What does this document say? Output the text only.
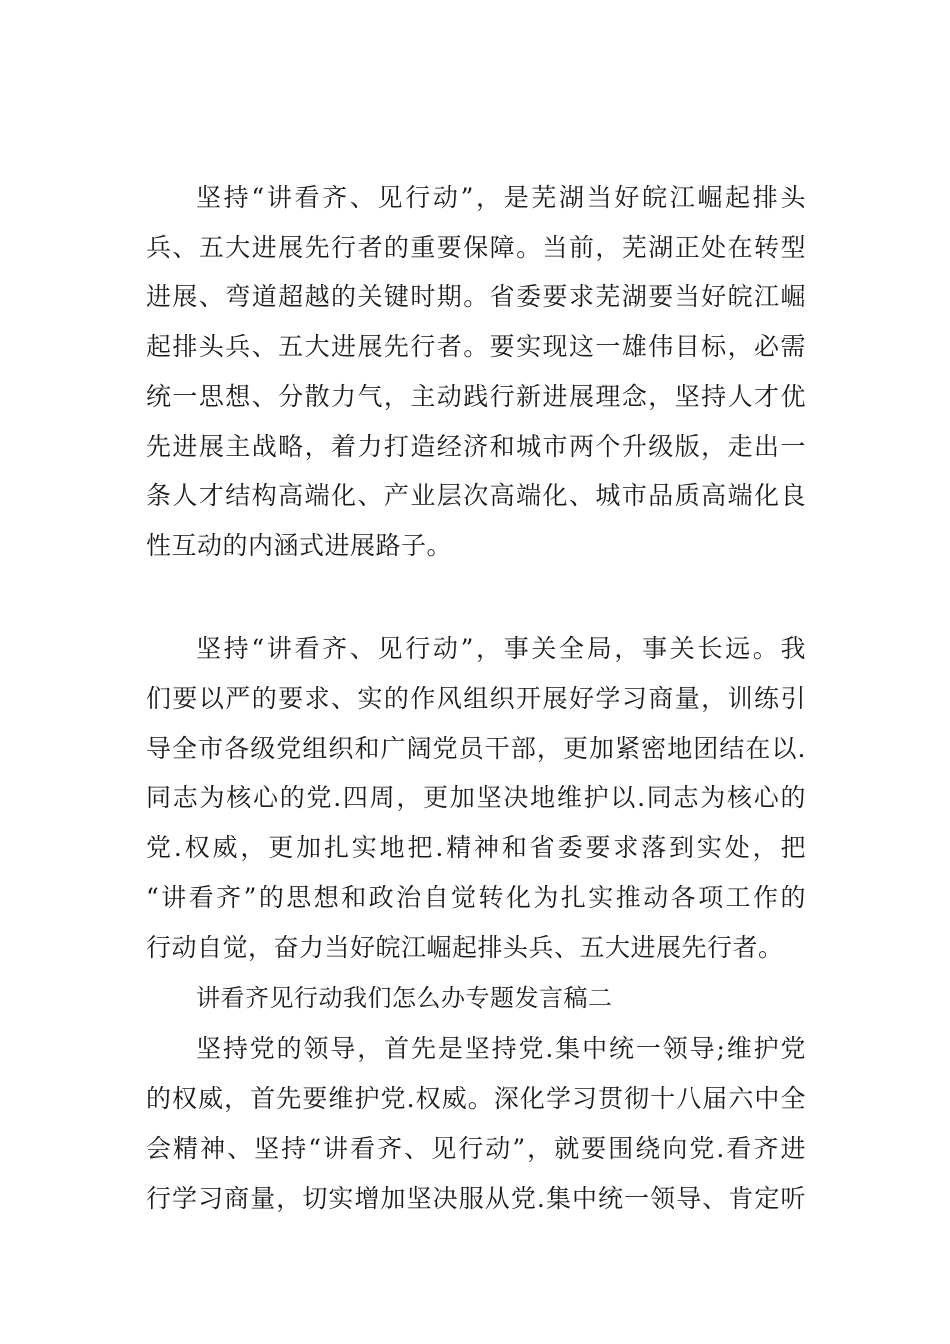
坚持“讲看齐、见行动”，是芜湖当好皖江崛起排头
兵、五大进展先行者的重要保障。当前，芜湖正处在转型
进展、弯道超越的关键时期。省委要求芜湖要当好皖江崛
起排头兵、五大进展先行者。要实现这一雄伟目标，必需
统一思想、分散力气，主动践行新进展理念，坚持人才优
先进展主战略，着力打造经济和城市两个升级版，走出一
条人才结构高端化、产业层次高端化、城市品质高端化良
性互动的内涵式进展路子。
坚持“讲看齐、见行动”，事关全局，事关长远。我
们要以严的要求、实的作风组织开展好学习商量，训练引
导全市各级党组织和广阔党员干部，更加紧密地团结在以.
同志为核心的党.四周，更加坚决地维护以.同志为核心的
党.权威，更加扎实地把.精神和省委要求落到实处，把
“讲看齐”的思想和政治自觉转化为扎实推动各项工作的
行动自觉，奋力当好皖江崛起排头兵、五大进展先行者。
讲看齐见行动我们怎么办专题发言稿二
坚持党的领导，首先是坚持党.集中统一领导;维护党
的权威，首先要维护党.权威。深化学习贯彻十八届六中全
会精神、坚持“讲看齐、见行动”，就要围绕向党.看齐进
行学习商量，切实增加坚决服从党.集中统一领导、肯定听
